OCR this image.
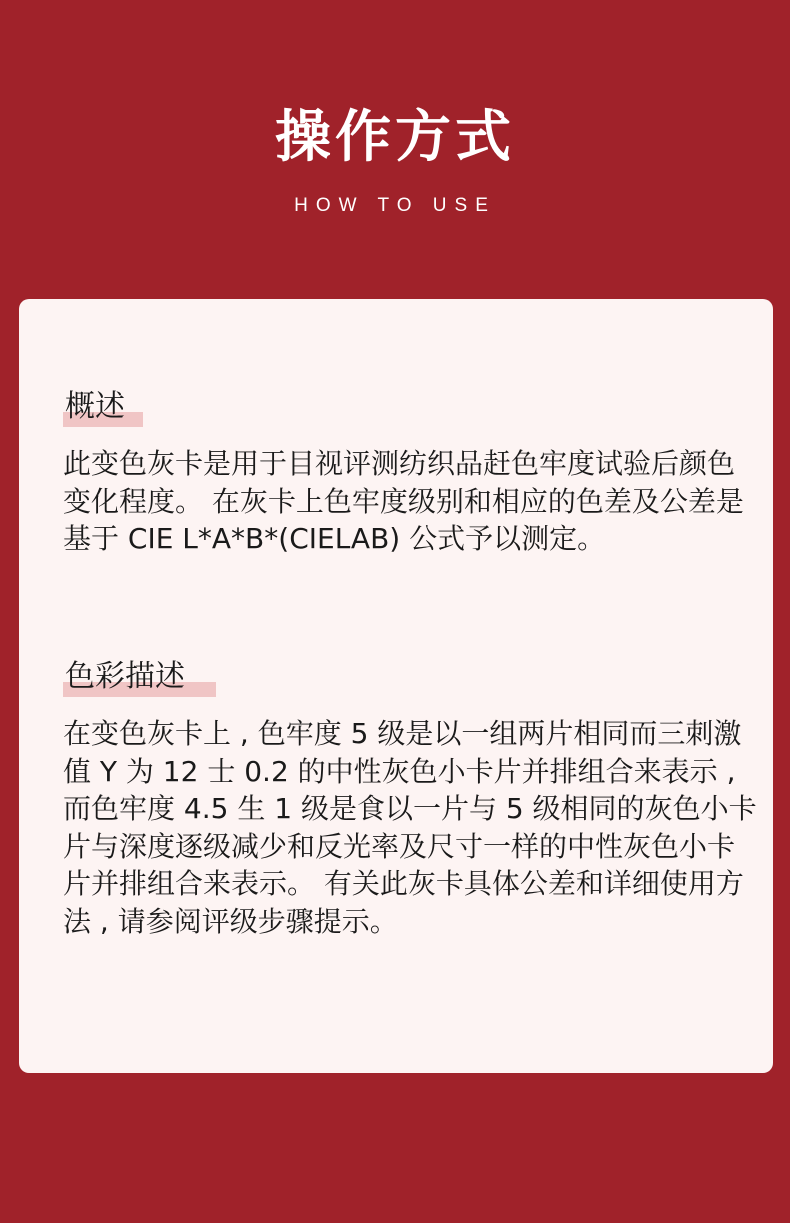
操作方式
HOW TO USE
概述
此变色灰卡是用于目视评测纺织品赶色牢度试验后颜色变化程度。 在灰卡上色牢度级别和相应的色差及公差是基于 CIE L*A*B*(CIELAB) 公式予以测定。
色彩描述
在变色灰卡上 , 色牢度 5 级是以一组两片相同而三刺激值 Y 为 12 士 0.2 的中性灰色小卡片并排组合来表示 , 而色牢度 4.5 生 1 级是食以一片与 5 级相同的灰色小卡片与深度逐级减少和反光率及尺寸一样的中性灰色小卡片并排组合来表示。 有关此灰卡具体公差和详细使用方法 , 请参阅评级步骤提示。
